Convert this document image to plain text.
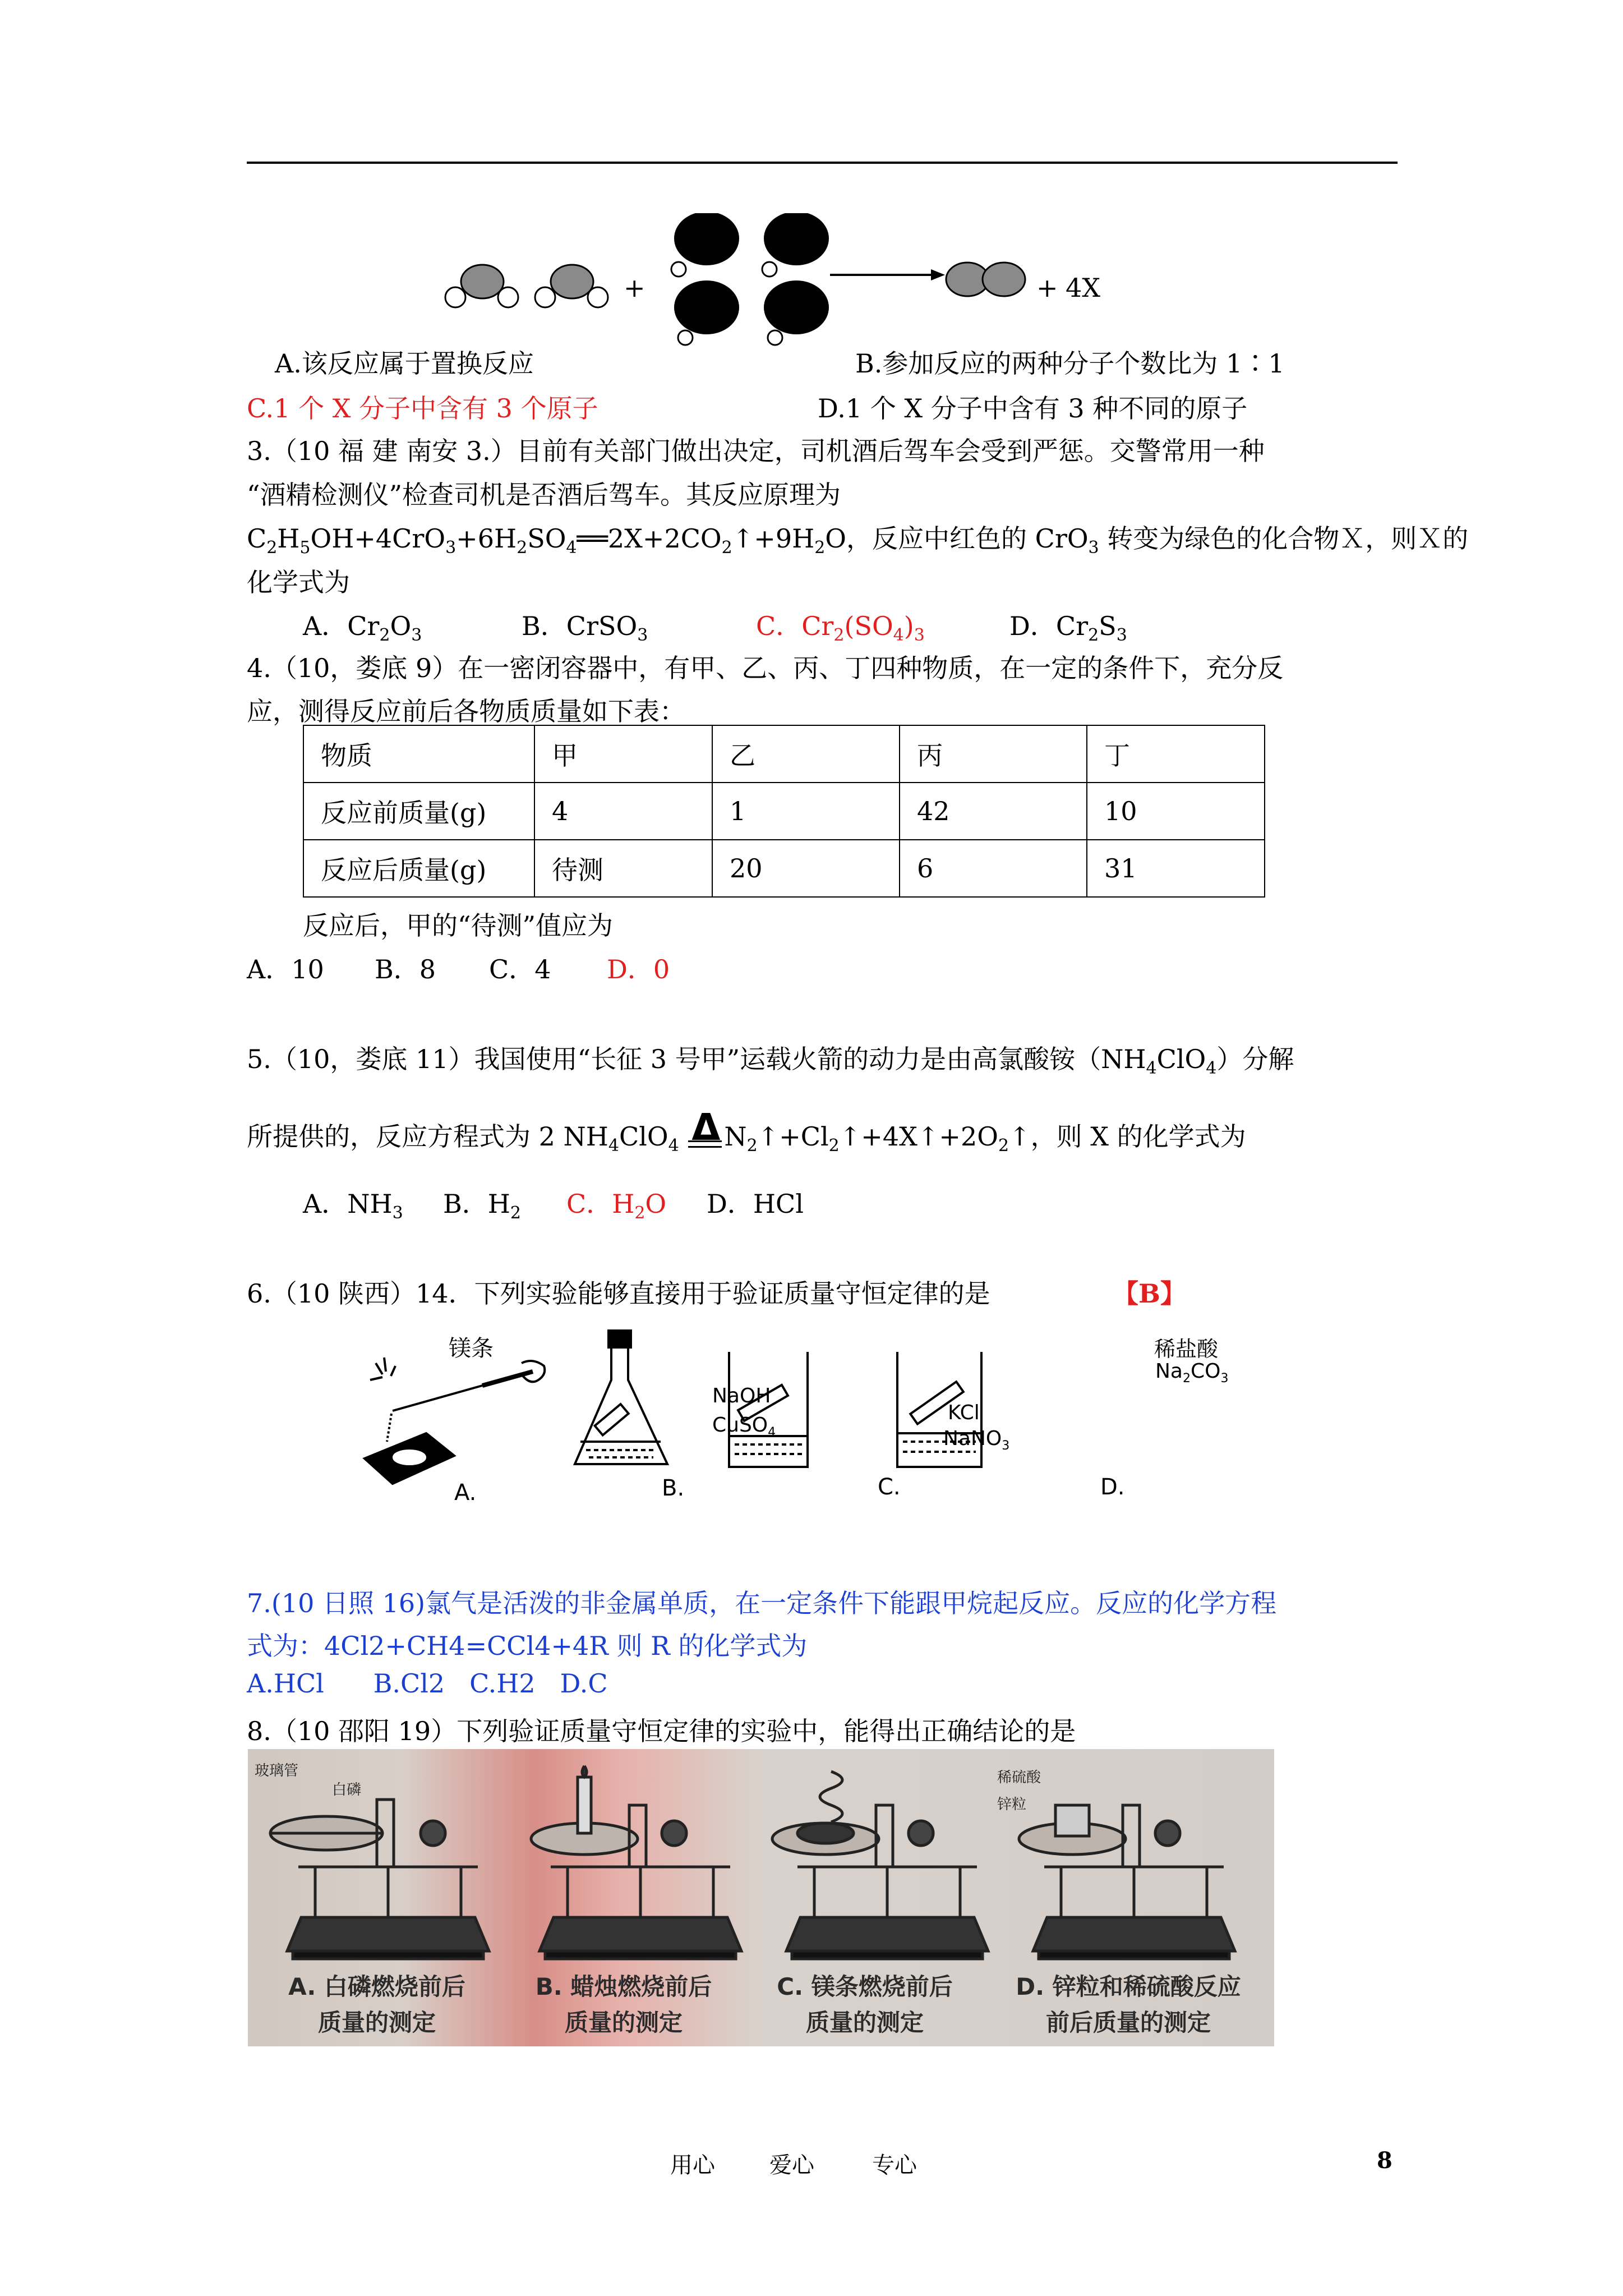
+	+ 4X
A.该反应属于置换反应	B.参加反应的两种分子个数比为 1∶1
C.1 个 X 分子中含有 3 个原子	D.1 个 X 分子中含有 3 种不同的原子
3.（10 福 建 南安 3.）目前有关部门做出决定，司机酒后驾车会受到严惩。交警常用一种
“酒精检测仪”检查司机是否酒后驾车。其反应原理为
$C_2H_5OH+4CrO_3+6H_2SO_4══2X+2CO_2↑+9H_2O$，反应中红色的 CrO$_3$ 转变为绿色的化合物Ｘ，则Ｘ的
化学式为
A．$Cr_2O_3$	B．CrSO$_3$	C．$Cr_2(SO_4)_3$	D．$Cr_2S_3$
4.（10，娄底 9）在一密闭容器中，有甲、乙、丙、丁四种物质，在一定的条件下，充分反
应，测得反应前后各物质质量如下表：
物质	甲	乙	丙	丁
反应前质量(g)	4	1	42	10
反应后质量(g)	待测	20	6	31
反应后，甲的“待测”值应为
A．10 B．8 C．4 D．0
5.（10，娄底 11）我国使用“长征 3 号甲”运载火箭的动力是由高氯酸铵$(NH_4ClO_4)$分解
所提供的，反应方程式为 2 $NH_4ClO_4$ Δ $N_2↑+Cl_2↑+4X↑+2O_2↑$，则 X 的化学式为
A．$NH_3$ B．$H_2$ C．$H_2O$ D．HCl
6.（10 陕西）14．下列实验能够直接用于验证质量守恒定律的是	【B】
镁条
NaOH
CuSO$_4$
KCl
NaNO$_3$
稀盐酸
$Na_2CO_3$
A.	B.	C.	D.
7.(10 日照 16)氯气是活泼的非金属单质，在一定条件下能跟甲烷起反应。反应的化学方程
式为：4Cl2+CH4=CCl4+4R 则 R 的化学式为
A.HCl      B.Cl2   C.H2   D.C
8.（10 邵阳 19）下列验证质量守恒定律的实验中，能得出正确结论的是
玻璃管
白磷
稀硫酸
锌粒
A. 白磷燃烧前后
质量的测定
B. 蜡烛燃烧前后
质量的测定
C. 镁条燃烧前后
质量的测定
D. 锌粒和稀硫酸反应
前后质量的测定
用心 爱心	专心	8
